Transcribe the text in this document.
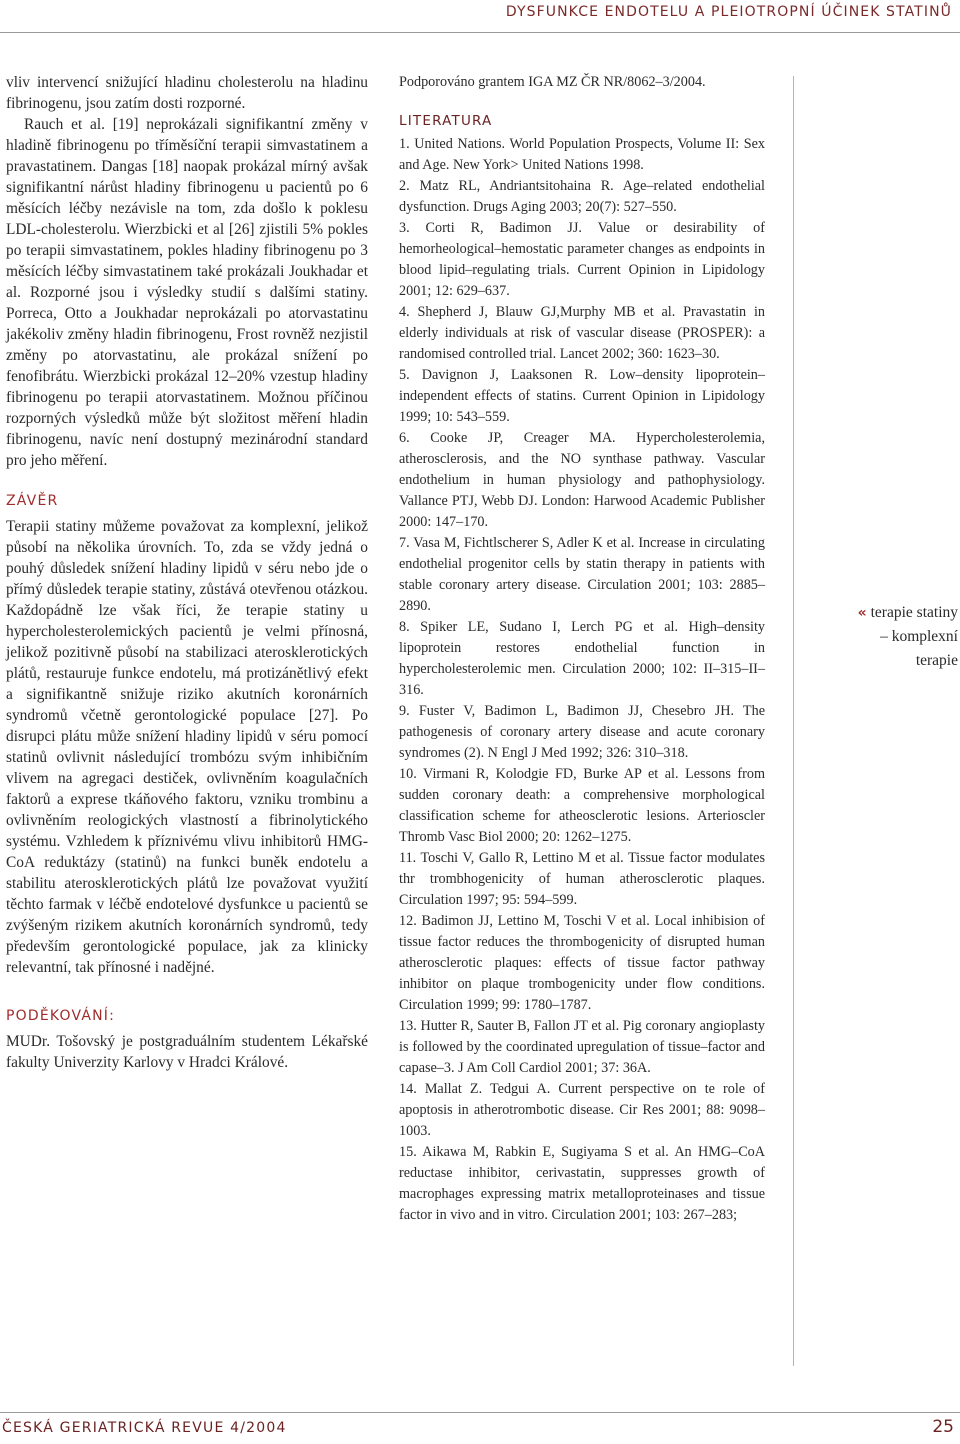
DYSFUNKCE ENDOTELU A PLEIOTROPNÍ ÚČINEK STATINŮ

vliv intervencí snižující hladinu cholesterolu na hladinu fibrinogenu, jsou zatím dosti rozporné.

Rauch et al. [19] neprokázali signifikantní změny v hladině fibrinogenu po tříměsíční terapii simvastatinem a pravastatinem. Dangas [18] naopak prokázal mírný avšak signifikantní nárůst hladiny fibrinogenu u pacientů po 6 měsících léčby nezávisle na tom, zda došlo k poklesu LDL-cholesterolu. Wierzbicki et al [26] zjistili 5% pokles po terapii simvastatinem, pokles hladiny fibrinogenu po 3 měsících léčby simvastatinem také prokázali Joukhadar et al. Rozporné jsou i výsledky studií s dalšími statiny. Porreca, Otto a Joukhadar neprokázali po atorvastatinu jakékoliv změny hladin fibrinogenu, Frost rovněž nezjistil změny po atorvastatinu, ale prokázal snížení po fenofibrátu. Wierzbicki prokázal 12–20% vzestup hladiny fibrinogenu po terapii atorvastatinem. Možnou příčinou rozporných výsledků může být složitost měření hladin fibrinogenu, navíc není dostupný mezinárodní standard pro jeho měření.

ZÁVĚR

Terapii statiny můžeme považovat za komplexní, jelikož působí na několika úrovních. To, zda se vždy jedná o pouhý důsledek snížení hladiny lipidů v séru nebo jde o přímý důsledek terapie statiny, zůstává otevřenou otázkou. Každopádně lze však říci, že terapie statiny u hypercholesterolemických pacientů je velmi přínosná, jelikož pozitivně působí na stabilizaci aterosklerotických plátů, restauruje funkce endotelu, má protizánětlivý efekt a signifikantně snižuje riziko akutních koronárních syndromů včetně gerontologické populace [27]. Po disrupci plátu může snížení hladiny lipidů v séru pomocí statinů ovlivnit následující trombózu svým inhibičním vlivem na agregaci destiček, ovlivněním koagulačních faktorů a exprese tkáňového faktoru, vzniku trombinu a ovlivněním reologických vlastností a fibrinolytického systému. Vzhledem k příznivému vlivu inhibitorů HMG-CoA reduktázy (statinů) na funkci buněk endotelu a stabilitu aterosklerotických plátů lze považovat využití těchto farmak v léčbě endotelové dysfunkce u pacientů se zvýšeným rizikem akutních koronárních syndromů, tedy především gerontologické populace, jak za klinicky relevantní, tak přínosné i nadějné.

PODĚKOVÁNÍ:

MUDr. Tošovský je postgraduálním studentem Lékařské fakulty Univerzity Karlovy v Hradci Králové.

Podporováno grantem IGA MZ ČR NR/8062–3/2004.

LITERATURA

1. United Nations. World Population Prospects, Volume II: Sex and Age. New York> United Nations 1998.

2. Matz RL, Andriantsitohaina R. Age–related endothelial dysfunction. Drugs Aging 2003; 20(7): 527–550.

3. Corti R, Badimon JJ. Value or desirability of hemorheological–hemostatic parameter changes as endpoints in blood lipid–regulating trials. Current Opinion in Lipidology 2001; 12: 629–637.

4. Shepherd J, Blauw GJ,Murphy MB et al. Pravastatin in elderly individuals at risk of vascular disease (PROSPER): a randomised controlled trial. Lancet 2002; 360: 1623–30.

5. Davignon J, Laaksonen R. Low–density lipoprotein–independent effects of statins. Current Opinion in Lipidology 1999; 10: 543–559.

6. Cooke JP, Creager MA. Hypercholesterolemia, atherosclerosis, and the NO synthase pathway. Vascular endothelium in human physiology and pathophysiology. Vallance PTJ, Webb DJ. London: Harwood Academic Publisher 2000: 147–170.

7. Vasa M, Fichtlscherer S, Adler K et al. Increase in circulating endothelial progenitor cells by statin therapy in patients with stable coronary artery disease. Circulation 2001; 103: 2885–2890.

8. Spiker LE, Sudano I, Lerch PG et al. High–density lipoprotein restores endothelial function in hypercholesterolemic men. Circulation 2000; 102: II–315–II–316.

9. Fuster V, Badimon L, Badimon JJ, Chesebro JH. The pathogenesis of coronary artery disease and acute coronary syndromes (2). N Engl J Med 1992; 326: 310–318.

10. Virmani R, Kolodgie FD, Burke AP et al. Lessons from sudden coronary death: a comprehensive morphological classification scheme for atheosclerotic lesions. Arterioscler Thromb Vasc Biol 2000; 20: 1262–1275.

11. Toschi V, Gallo R, Lettino M et al. Tissue factor modulates thr trombhogenicity of human atherosclerotic plaques. Circulation 1997; 95: 594–599.

12. Badimon JJ, Lettino M, Toschi V et al. Local inhibision of tissue factor reduces the thrombogenicity of disrupted human atherosclerotic plaques: effects of tissue factor pathway inhibitor on plaque trombogenicity under flow conditions. Circulation 1999; 99: 1780–1787.

13. Hutter R, Sauter B, Fallon JT et al. Pig coronary angioplasty is followed by the coordinated upregulation of tissue–factor and capase–3. J Am Coll Cardiol 2001; 37: 36A.

14. Mallat Z. Tedgui A. Current perspective on te role of apoptosis in atherotrombotic disease. Cir Res 2001; 88: 9098–1003.

15. Aikawa M, Rabkin E, Sugiyama S et al. An HMG–CoA reductase inhibitor, cerivastatin, suppresses growth of macrophages expressing matrix metalloproteinases and tissue factor in vivo and in vitro. Circulation 2001; 103: 267–283;

« terapie statiny
– komplexní
terapie
ČESKÁ GERIATRICKÁ REVUE 4/2004	25
